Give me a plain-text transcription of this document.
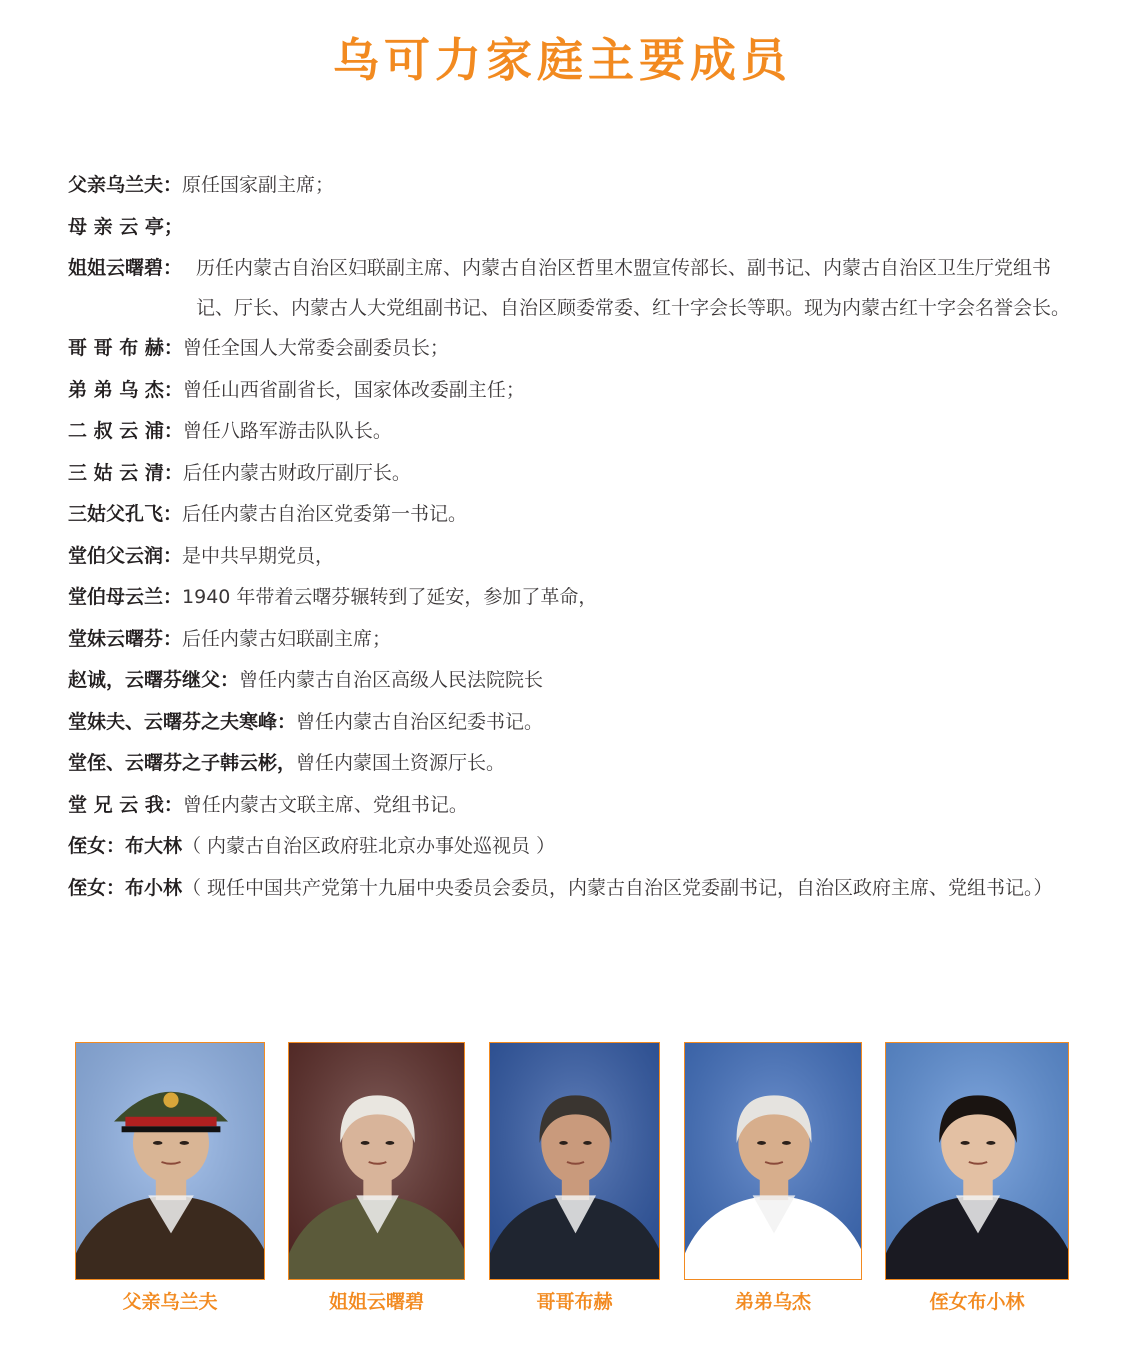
乌可力家庭主要成员
父亲乌兰夫：原任国家副主席；
母 亲 云 亭；
姐姐云曙碧： 历任内蒙古自治区妇联副主席、内蒙古自治区哲里木盟宣传部长、副书记、内蒙古自治区卫生厅党组书记、厅长、内蒙古人大党组副书记、自治区顾委常委、红十字会长等职。现为内蒙古红十字会名誉会长。
哥 哥 布 赫：曾任全国人大常委会副委员长；
弟 弟 乌 杰：曾任山西省副省长，国家体改委副主任；
二 叔 云 浦：曾任八路军游击队队长。
三 姑 云 清：后任内蒙古财政厅副厅长。
三姑父孔飞：后任内蒙古自治区党委第一书记。
堂伯父云润：是中共早期党员，
堂伯母云兰：1940 年带着云曙芬辗转到了延安，参加了革命，
堂妹云曙芬：后任内蒙古妇联副主席；
赵诚，云曙芬继父：曾任内蒙古自治区高级人民法院院长
堂妹夫、云曙芬之夫寒峰：曾任内蒙古自治区纪委书记。
堂侄、云曙芬之子韩云彬，曾任内蒙国土资源厅长。
堂 兄 云 我：曾任内蒙古文联主席、党组书记。
侄女：布大林（ 内蒙古自治区政府驻北京办事处巡视员 ）
侄女：布小林（ 现任中国共产党第十九届中央委员会委员，内蒙古自治区党委副书记，自治区政府主席、党组书记。）
父亲乌兰夫	姐姐云曙碧	哥哥布赫	弟弟乌杰	侄女布小林
